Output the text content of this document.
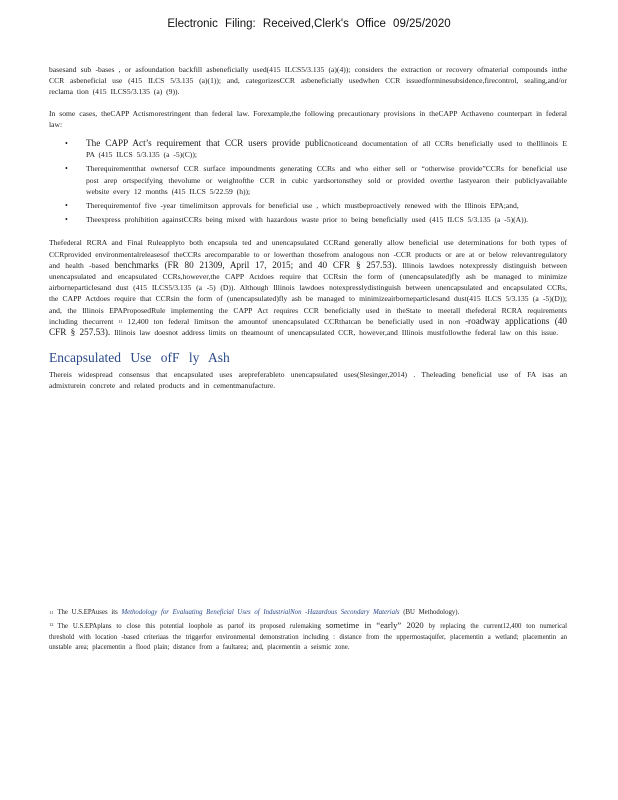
Electronic Filing: Received,Clerk's Office 09/25/2020

basesand sub -bases , or asfoundation backfill asbeneficially used(415 ILCS5/3.135 (a)(4)); considers the extraction or recovery ofmaterial compounds inthe CCR asbeneficial use (415 ILCS 5/3.135 (a)(1)); and, categorizesCCR asbeneficially usedwhen CCR issuedforminesubsidence,firecontrol, sealing,and/or reclama tion (415 ILCS5/3.135 (a) (9)).

In some cases, theCAPP Actismorestringent than federal law. Forexample,the following precautionary provisions in theCAPP Acthaveno counterpart in federal law:

• The CAPP Act’s requirement that CCR users provide publicnoticeand documentation of all CCRs beneficially used to theIllinois E PA (415 ILCS 5/3.135 (a -5)(C));
• Therequirementthat ownersof CCR surface impoundments generating CCRs and who either sell or “otherwise provide”CCRs for beneficial use post arep ortspecifying thevolume or weightofthe CCR in cubic yardsortonsthey sold or provided overthe lastyearon their publiclyavailable website every 12 months (415 ILCS 5/22.59 (h));
• Therequirementof five -year timelimitson approvals for beneficial use , which mustbeproactively renewed with the Illinois EPA;and,
• Theexpress prohibition againstCCRs being mixed with hazardous waste prior to being beneficially used (415 ILCS 5/3.135 (a -5)(A)).

Thefederal RCRA and Final Ruleapplyto both encapsula ted and unencapsulated CCRand generally allow beneficial use determinations for both types of CCRprovided environmentalreleasesof theCCRs arecomparable to or lowerthan thosefrom analogous non -CCR products or are at or below relevantregulatory and health -based benchmarks (FR 80 21309, April 17, 2015; and 40 CFR § 257.53). Illinois lawdoes notexpressly distinguish between unencapsulated and encapsulated CCRs,however,the CAPP Actdoes require that CCRsin the form of (unencapsulated)fly ash be managed to minimize airborneparticlesand dust (415 ILCS5/3.135 (a -5) (D)). Although Illinois lawdoes notexpresslydistinguish between unencapsulated and encapsulated CCRs, the CAPP Actdoes require that CCRsin the form of (unencapsulated)fly ash be managed to minimizeairborneparticlesand dust(415 ILCS 5/3.135 (a -5)(D)); and, the Illinois EPAProposedRule implementing the CAPP Act requires CCR beneficially used in theState to meetall thefederal RCRA requirements including thecurrent $^{11}$ 12,400 ton federal limitson the amountof unencapsulated CCRthatcan be beneficially used in non -roadway applications (40 CFR § 257.53). Illinois law doesnot address limits on theamount of unencapsulated CCR, however,and Illinois mustfollowthe federal law on this issue.

Encapsulated Use ofF ly Ash

Thereis widespread consensus that encapsulated uses arepreferableto unencapsulated uses(Slesinger,2014) . Theleading beneficial use of FA isas an admixturein concrete and related products and in cementmanufacture.

$^{11}$ The U.S.EPAuses its Methodology for Evaluating Beneficial Uses of IndustrialNon -Hazardous Secondary Materials (BU Methodology).
$^{12}$ The U.S.EPAplans to close this potential loophole as partof its proposed rulemaking sometime in “early” 2020 by replacing the current12,400 ton numerical threshold with location -based criteriaas the triggerfor environmental demonstration including : distance from the uppermostaquifer, placementin a wetland; placementin an unstable area; placementin a flood plain; distance from a faultarea; and, placementin a seismic zone.
